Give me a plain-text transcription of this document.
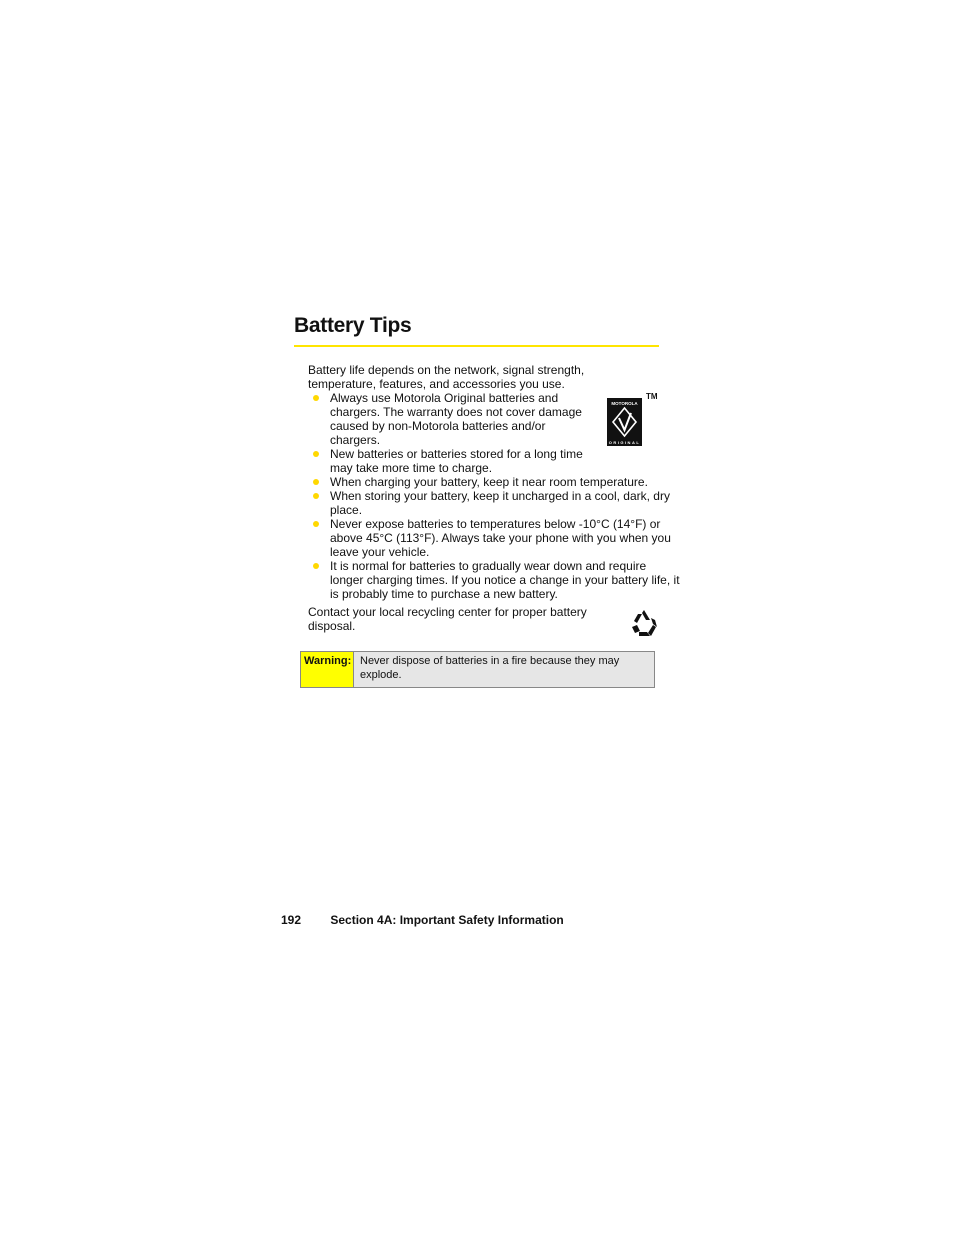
Battery Tips
Battery life depends on the network, signal strength, temperature, features, and accessories you use.
Always use Motorola Original batteries and chargers. The warranty does not cover damage caused by non-Motorola batteries and/or chargers.
New batteries or batteries stored for a long time may take more time to charge.
When charging your battery, keep it near room temperature.
When storing your battery, keep it uncharged in a cool, dark, dry place.
Never expose batteries to temperatures below -10°C (14°F) or above 45°C (113°F). Always take your phone with you when you leave your vehicle.
It is normal for batteries to gradually wear down and require longer charging times. If you notice a change in your battery life, it is probably time to purchase a new battery.
MOTOROLA
ORIGINAL
TM
Contact your local recycling center for proper battery disposal.
Warning: Never dispose of batteries in a fire because they may explode.
192 Section 4A: Important Safety Information
